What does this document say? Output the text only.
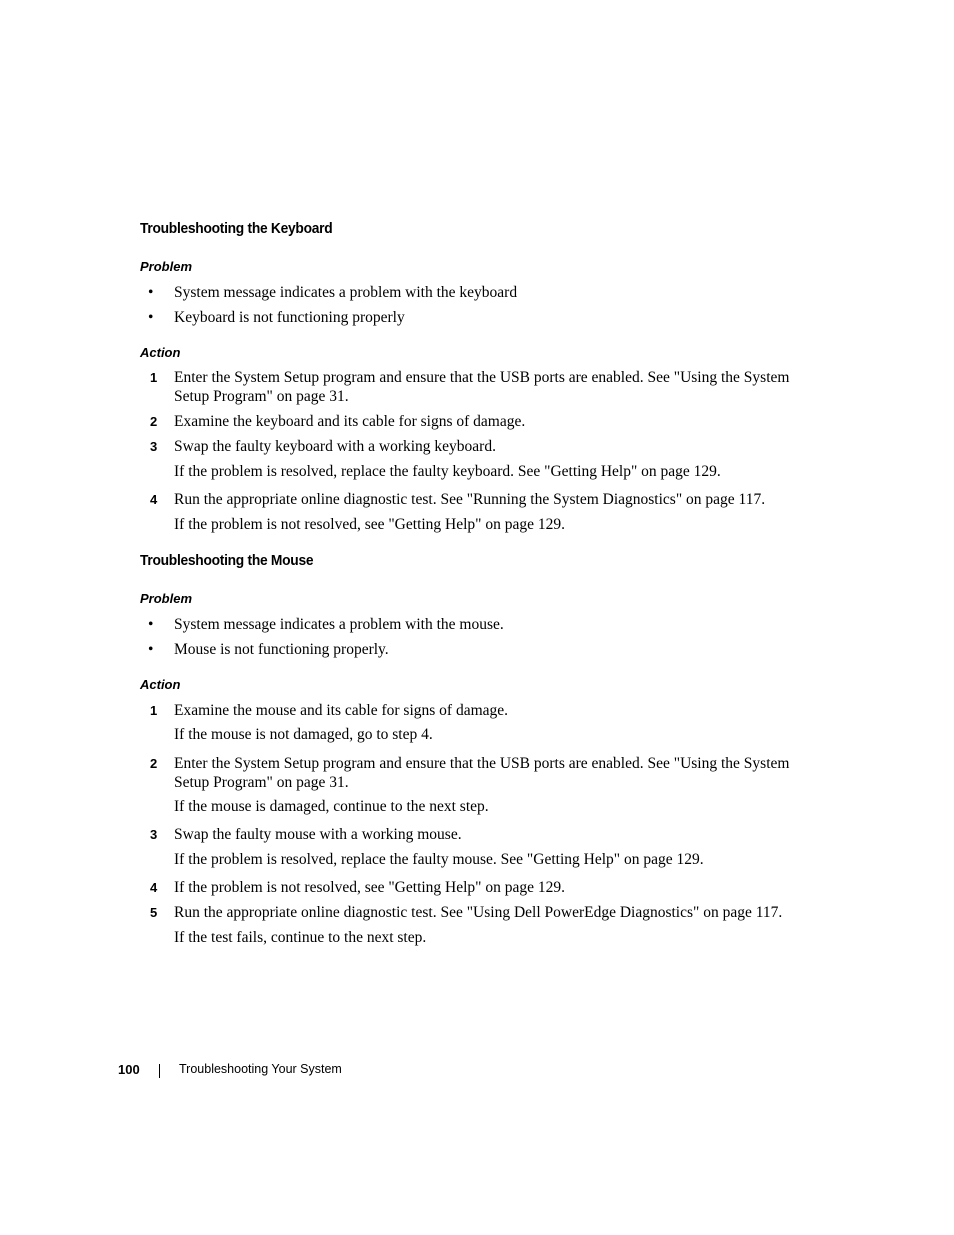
Troubleshooting the Keyboard
Problem
• System message indicates a problem with the keyboard
• Keyboard is not functioning properly
Action
1 Enter the System Setup program and ensure that the USB ports are enabled. See "Using the System Setup Program" on page 31.
2 Examine the keyboard and its cable for signs of damage.
3 Swap the faulty keyboard with a working keyboard.
If the problem is resolved, replace the faulty keyboard. See "Getting Help" on page 129.
4 Run the appropriate online diagnostic test. See "Running the System Diagnostics" on page 117.
If the problem is not resolved, see "Getting Help" on page 129.
Troubleshooting the Mouse
Problem
• System message indicates a problem with the mouse.
• Mouse is not functioning properly.
Action
1 Examine the mouse and its cable for signs of damage.
If the mouse is not damaged, go to step 4.
2 Enter the System Setup program and ensure that the USB ports are enabled. See "Using the System Setup Program" on page 31.
If the mouse is damaged, continue to the next step.
3 Swap the faulty mouse with a working mouse.
If the problem is resolved, replace the faulty mouse. See "Getting Help" on page 129.
4 If the problem is not resolved, see "Getting Help" on page 129.
5 Run the appropriate online diagnostic test. See "Using Dell PowerEdge Diagnostics" on page 117.
If the test fails, continue to the next step.
100	Troubleshooting Your System
